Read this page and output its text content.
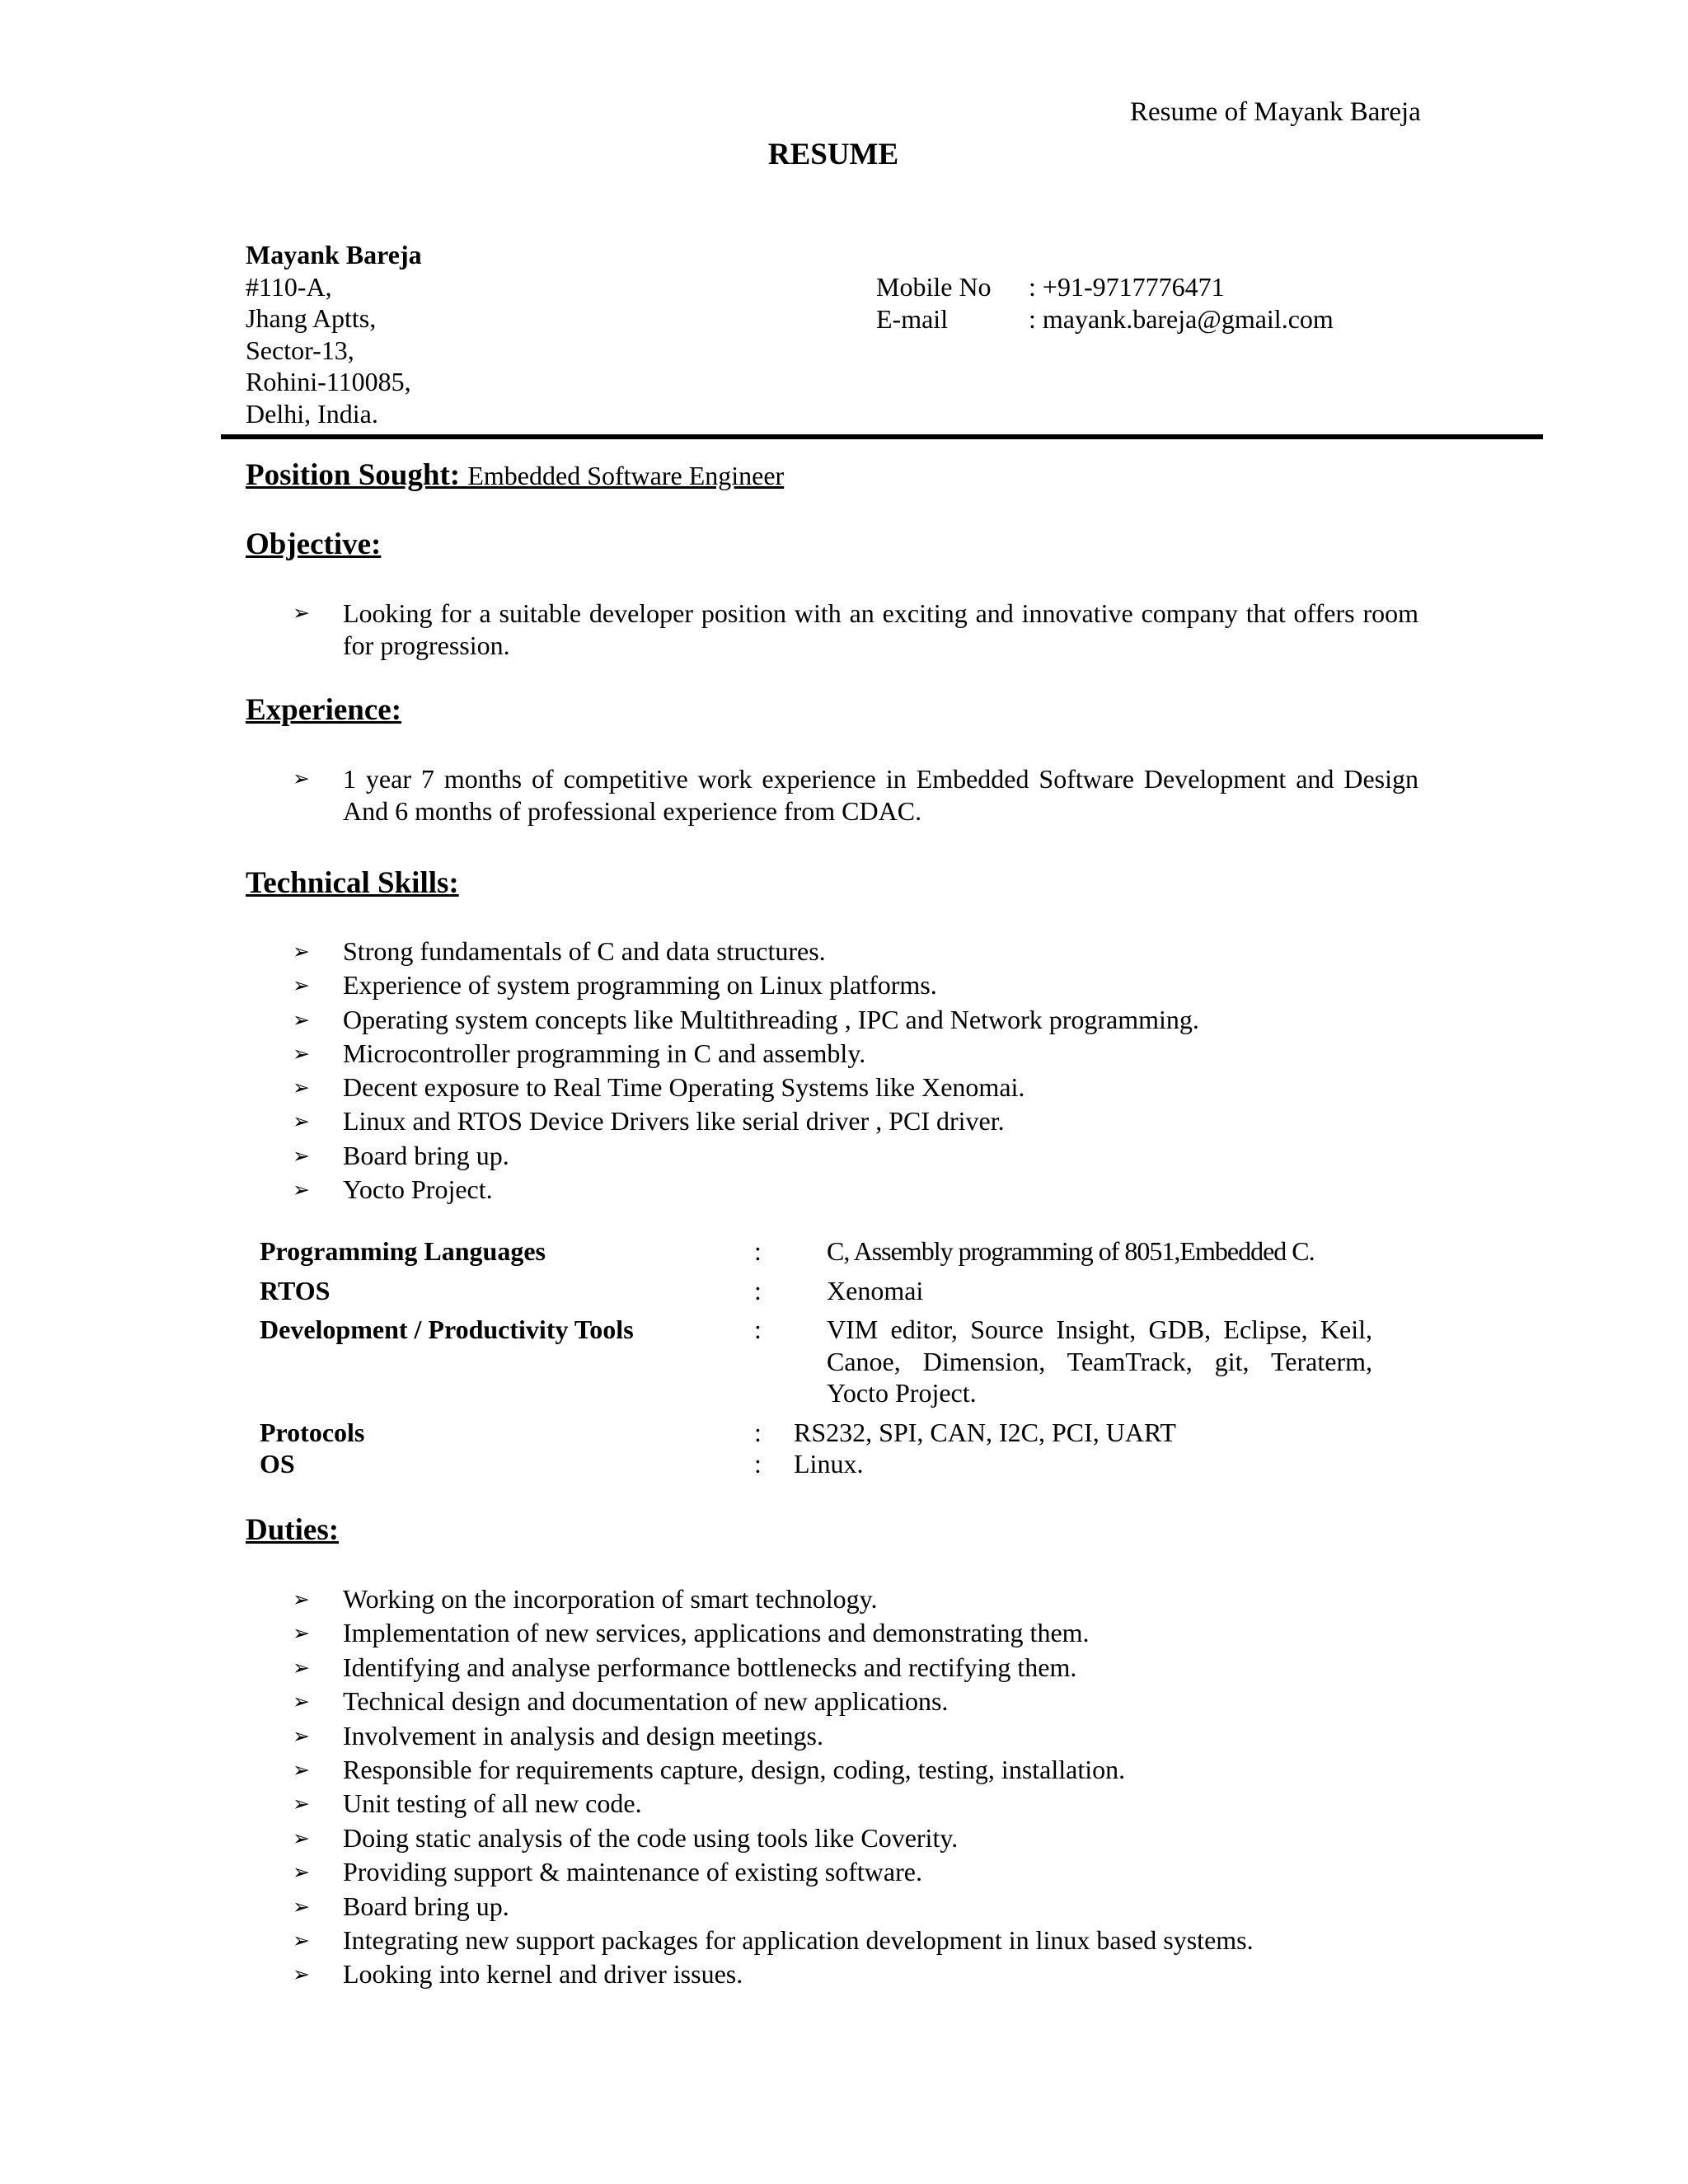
Resume of Mayank Bareja
RESUME
Mayank Bareja
#110-A,
Jhang Aptts,
Sector-13,
Rohini-110085,
Delhi, India.
Mobile No	: +91-9717776471
E-mail	: mayank.bareja@gmail.com
Position Sought: Embedded Software Engineer
Objective:
➢ Looking for a suitable developer position with an exciting and innovative company that offers room for progression.
Experience:
➢ 1 year 7 months of competitive work experience in Embedded Software Development and Design And 6 months of professional experience from CDAC.
Technical Skills:
➢ Strong fundamentals of C and data structures.
➢ Experience of system programming on Linux platforms.
➢ Operating system concepts like Multithreading , IPC and Network programming.
➢ Microcontroller programming in C and assembly.
➢ Decent exposure to Real Time Operating Systems like Xenomai.
➢ Linux and RTOS Device Drivers like serial driver , PCI driver.
➢ Board bring up.
➢ Yocto Project.
Programming Languages	: C, Assembly programming of 8051,Embedded C.
RTOS	: Xenomai
Development / Productivity Tools	: VIM editor, Source Insight, GDB, Eclipse, Keil, Canoe, Dimension, TeamTrack, git, Teraterm, Yocto Project.
Protocols	: RS232, SPI, CAN, I2C, PCI, UART
OS	: Linux.
Duties:
➢ Working on the incorporation of smart technology.
➢ Implementation of new services, applications and demonstrating them.
➢ Identifying and analyse performance bottlenecks and rectifying them.
➢ Technical design and documentation of new applications.
➢ Involvement in analysis and design meetings.
➢ Responsible for requirements capture, design, coding, testing, installation.
➢ Unit testing of all new code.
➢ Doing static analysis of the code using tools like Coverity.
➢ Providing support & maintenance of existing software.
➢ Board bring up.
➢ Integrating new support packages for application development in linux based systems.
➢ Looking into kernel and driver issues.
